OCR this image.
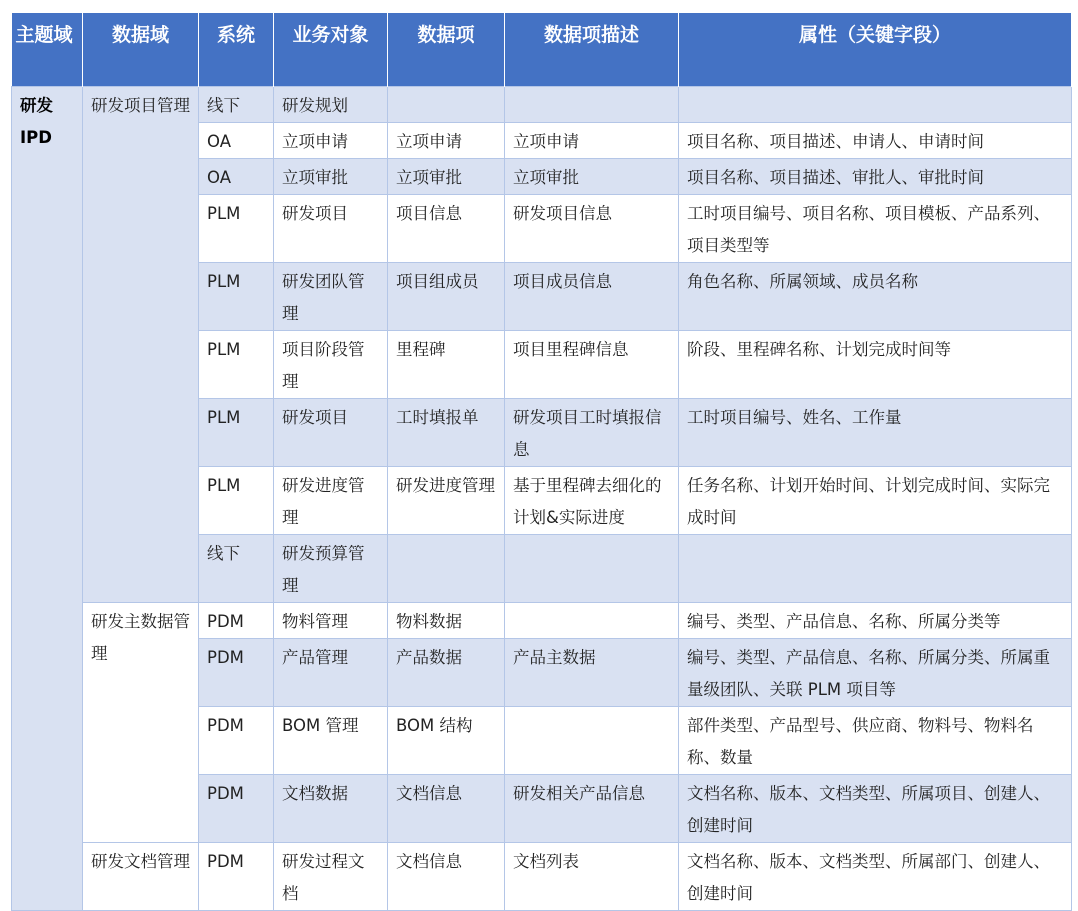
主题域	数据域	系统	业务对象	数据项	数据项描述	属性（关键字段）
研发 IPD	研发项目管理	线下	研发规划			
		OA	立项申请	立项申请	立项申请	项目名称、项目描述、申请人、申请时间
		OA	立项审批	立项审批	立项审批	项目名称、项目描述、审批人、审批时间
		PLM	研发项目	项目信息	研发项目信息	工时项目编号、项目名称、项目模板、产品系列、项目类型等
		PLM	研发团队管理	项目组成员	项目成员信息	角色名称、所属领域、成员名称
		PLM	项目阶段管理	里程碑	项目里程碑信息	阶段、里程碑名称、计划完成时间等
		PLM	研发项目	工时填报单	研发项目工时填报信息	工时项目编号、姓名、工作量
		PLM	研发进度管理	研发进度管理	基于里程碑去细化的计划&实际进度	任务名称、计划开始时间、计划完成时间、实际完成时间
		线下	研发预算管理			
	研发主数据管理	PDM	物料管理	物料数据		编号、类型、产品信息、名称、所属分类等
		PDM	产品管理	产品数据	产品主数据	编号、类型、产品信息、名称、所属分类、所属重量级团队、关联 PLM 项目等
		PDM	BOM 管理	BOM 结构		部件类型、产品型号、供应商、物料号、物料名称、数量
		PDM	文档数据	文档信息	研发相关产品信息	文档名称、版本、文档类型、所属项目、创建人、创建时间
	研发文档管理	PDM	研发过程文档	文档信息	文档列表	文档名称、版本、文档类型、所属部门、创建人、创建时间
